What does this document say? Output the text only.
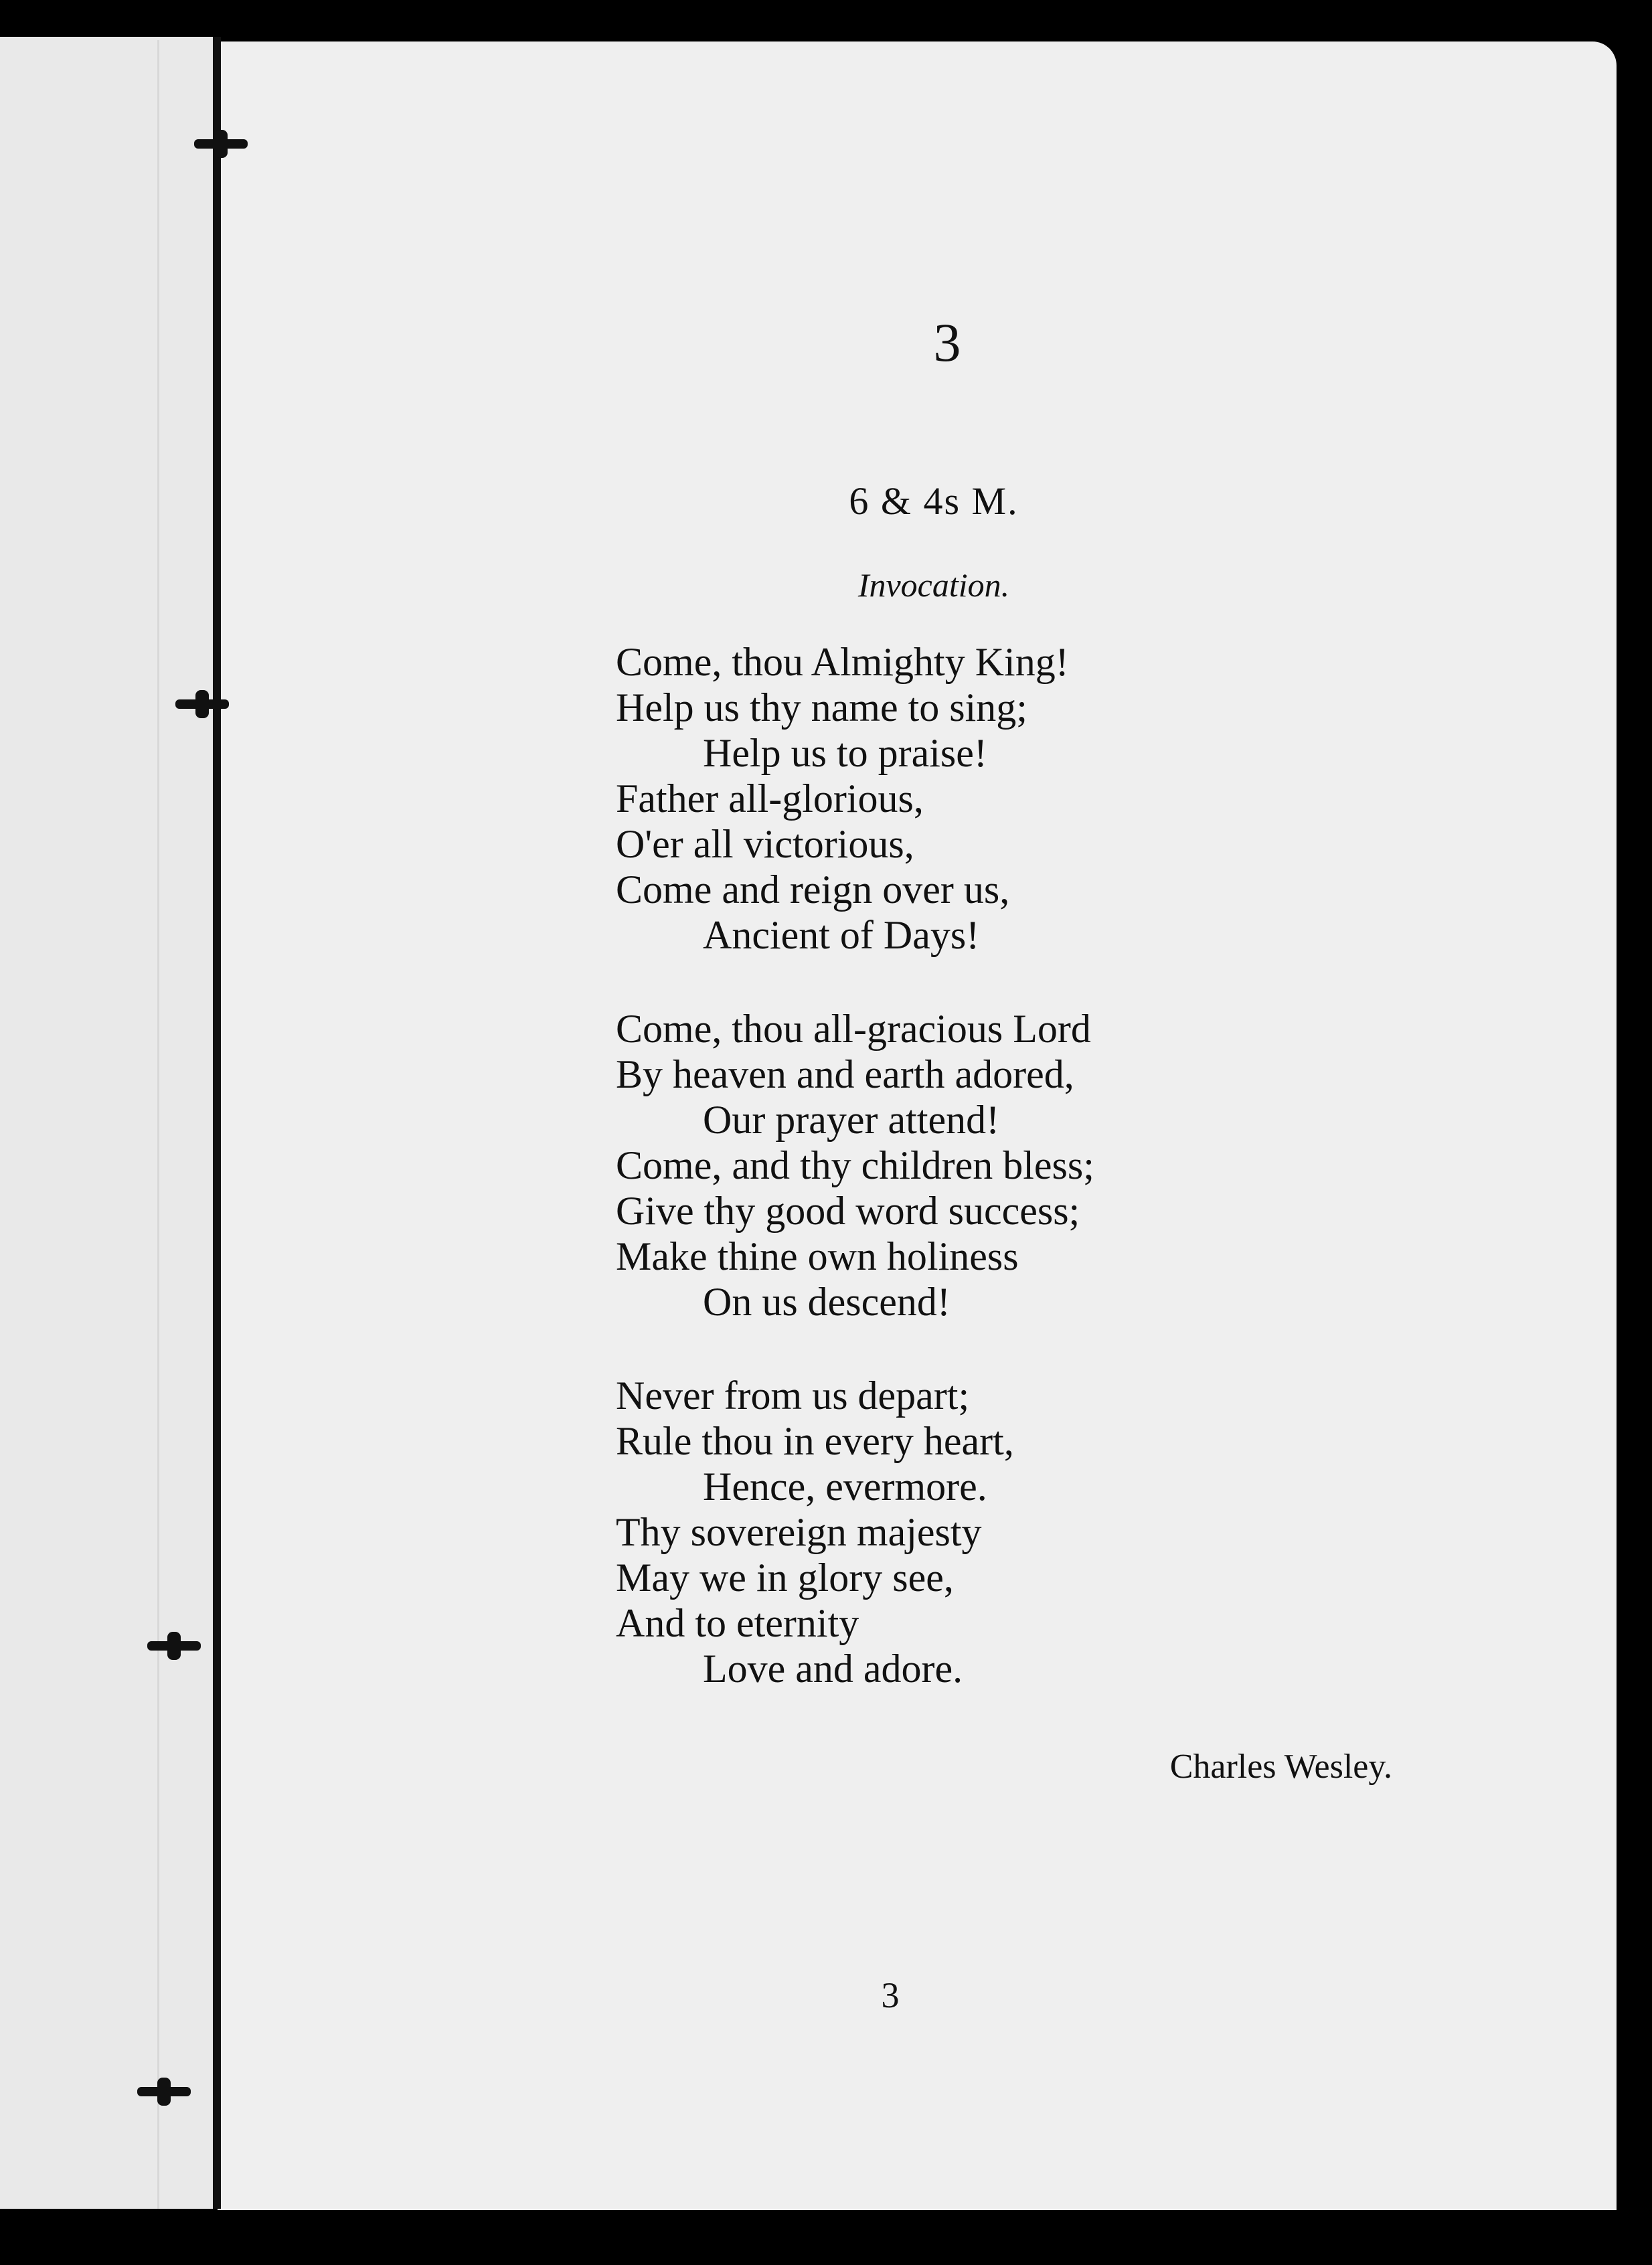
3
6 & 4s M.
Invocation.
Come, thou Almighty King!
Help us thy name to sing;
Help us to praise!
Father all-glorious,
O'er all victorious,
Come and reign over us,
Ancient of Days!
Come, thou all-gracious Lord
By heaven and earth adored,
Our prayer attend!
Come, and thy children bless;
Give thy good word success;
Make thine own holiness
On us descend!
Never from us depart;
Rule thou in every heart,
Hence, evermore.
Thy sovereign majesty
May we in glory see,
And to eternity
Love and adore.
Charles Wesley.
3
